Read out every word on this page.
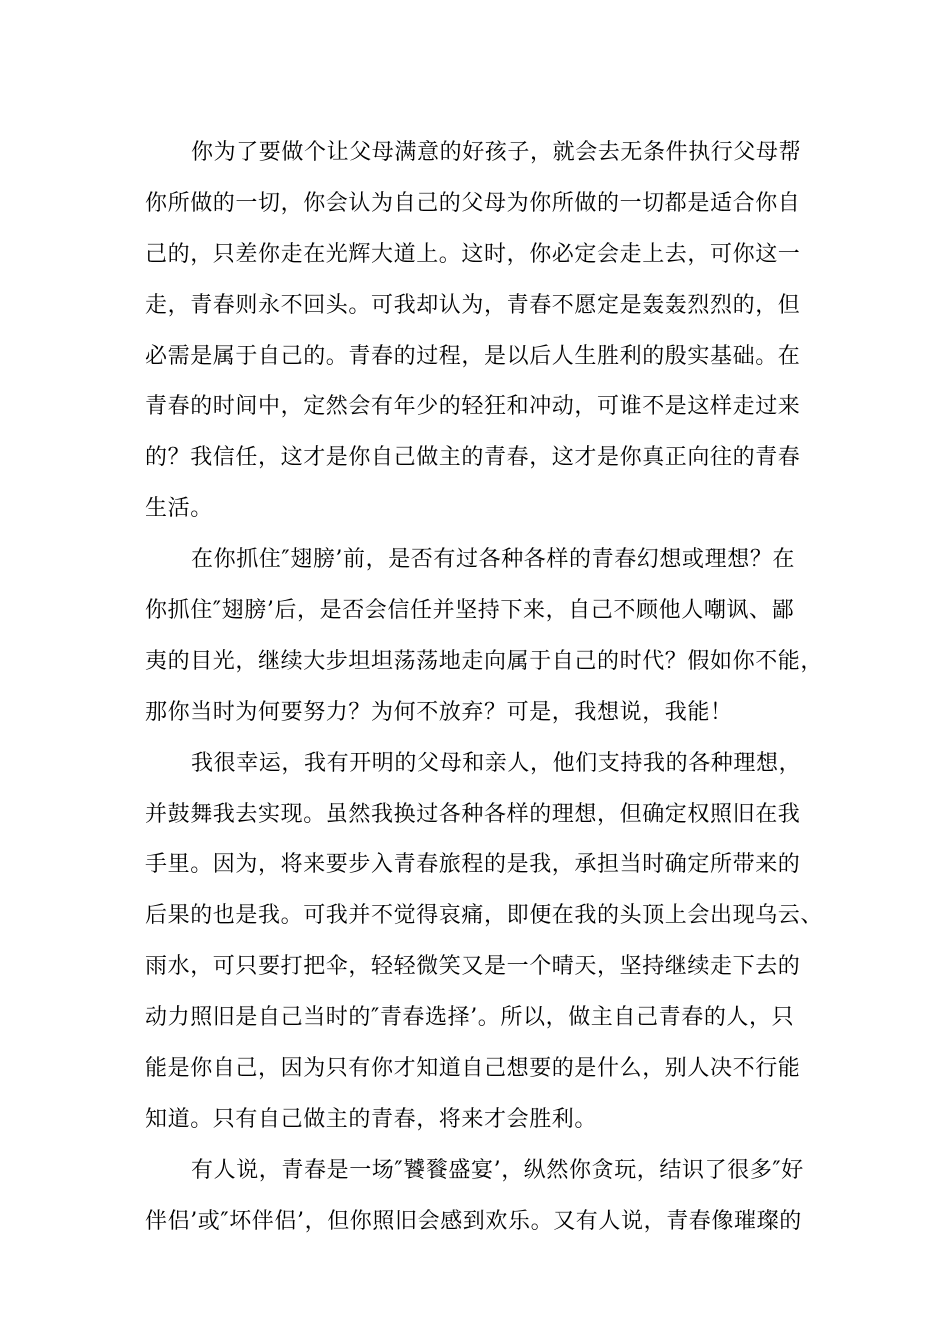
你为了要做个让父母满意的好孩子，就会去无条件执行父母帮
你所做的一切，你会认为自己的父母为你所做的一切都是适合你自
己的，只差你走在光辉大道上。这时，你必定会走上去，可你这一
走，青春则永不回头。可我却认为，青春不愿定是轰轰烈烈的，但
必需是属于自己的。青春的过程，是以后人生胜利的殷实基础。在
青春的时间中，定然会有年少的轻狂和冲动，可谁不是这样走过来
的？我信任，这才是你自己做主的青春，这才是你真正向往的青春
生活。
在你抓住″翅膀’前，是否有过各种各样的青春幻想或理想？在
你抓住″翅膀’后，是否会信任并坚持下来，自己不顾他人嘲讽、鄙
夷的目光，继续大步坦坦荡荡地走向属于自己的时代？假如你不能，
那你当时为何要努力？为何不放弃？可是，我想说，我能！
我很幸运，我有开明的父母和亲人，他们支持我的各种理想，
并鼓舞我去实现。虽然我换过各种各样的理想，但确定权照旧在我
手里。因为，将来要步入青春旅程的是我，承担当时确定所带来的
后果的也是我。可我并不觉得哀痛，即便在我的头顶上会出现乌云、
雨水，可只要打把伞，轻轻微笑又是一个晴天，坚持继续走下去的
动力照旧是自己当时的″青春选择’。所以，做主自己青春的人，只
能是你自己，因为只有你才知道自己想要的是什么，别人决不行能
知道。只有自己做主的青春，将来才会胜利。
有人说，青春是一场″饕餮盛宴’，纵然你贪玩，结识了很多″好
伴侣’或″坏伴侣’，但你照旧会感到欢乐。又有人说，青春像璀璨的
